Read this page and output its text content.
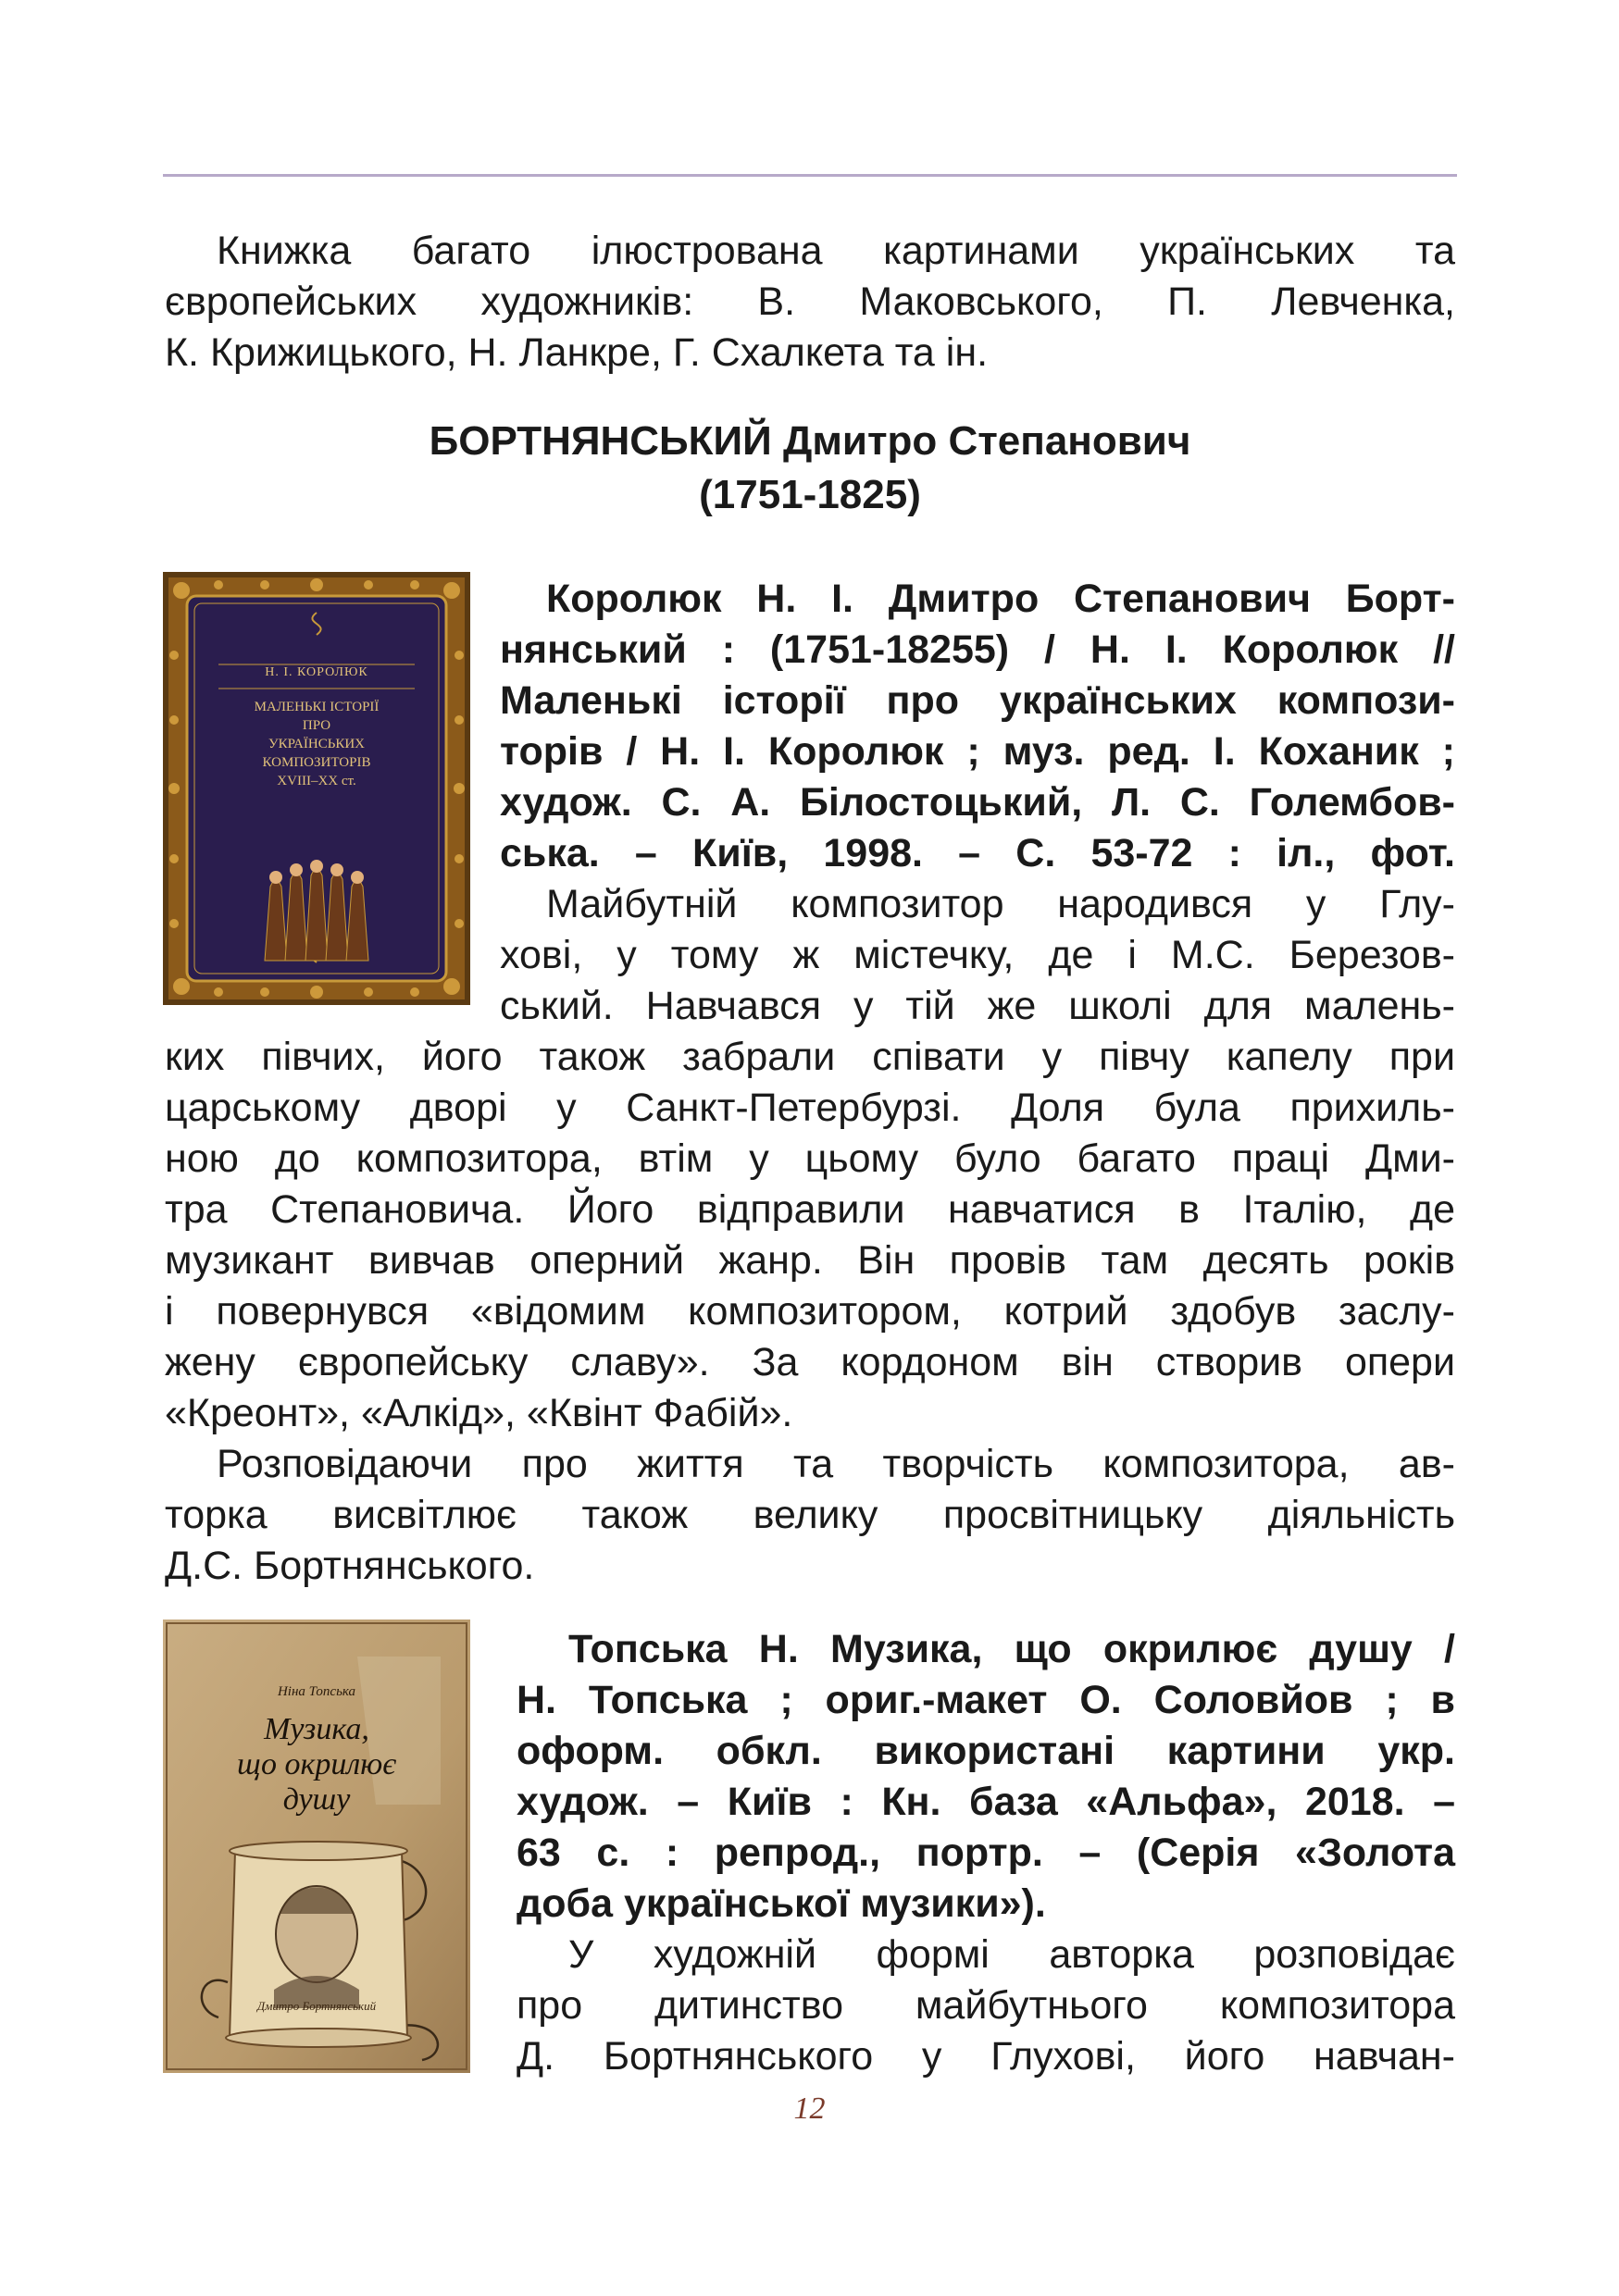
Книжка багато ілюстрована картинами українських та
європейських художників: В. Маковського, П. Левченка,
К. Крижицького, Н. Ланкре, Г. Схалкета та ін.
БОРТНЯНСЬКИЙ Дмитро Степанович
(1751-1825)
Н. І. КОРОЛЮК
МАЛЕНЬКІ ІСТОРІЇ
ПРО
УКРАЇНСЬКИХ
КОМПОЗИТОРІВ
XVIII–XX ст.
Королюк Н. І. Дмитро Степанович Борт-
нянський : (1751-18255) / Н. І. Королюк //
Маленькі історії про українських компози-
торів / Н. І. Королюк ; муз. ред. І. Коханик ;
худож. С. А. Білостоцький, Л. С. Голембов-
ська. – Київ, 1998. – С. 53-72 : іл., фот.
Майбутній композитор народився у Глу-
хові, у тому ж містечку, де і М.С. Березов-
ський. Навчався у тій же школі для малень-
ких півчих, його також забрали співати у півчу капелу при
царському дворі у Санкт-Петербурзі. Доля була прихиль-
ною до композитора, втім у цьому було багато праці Дми-
тра Степановича. Його відправили навчатися в Італію, де
музикант вивчав оперний жанр. Він провів там десять років
і повернувся «відомим композитором, котрий здобув заслу-
жену європейську славу». За кордоном він створив опери
«Креонт», «Алкід», «Квінт Фабій».
Розповідаючи про життя та творчість композитора, ав-
торка висвітлює також велику просвітницьку діяльність
Д.С. Бортнянського.
Ніна Топська
Музика,
що окрилює
душу
Дмитро Бортнянський
Топська Н. Музика, що окрилює душу /
Н. Топська ; ориг.-макет О. Соловйов ; в
оформ. обкл. використані картини укр.
худож. – Київ : Кн. база «Альфа», 2018. –
63 с. : репрод., портр. – (Серія «Золота
доба української музики»).
У художній формі авторка розповідає
про дитинство майбутнього композитора
Д. Бортнянського у Глухові, його навчан-
12
